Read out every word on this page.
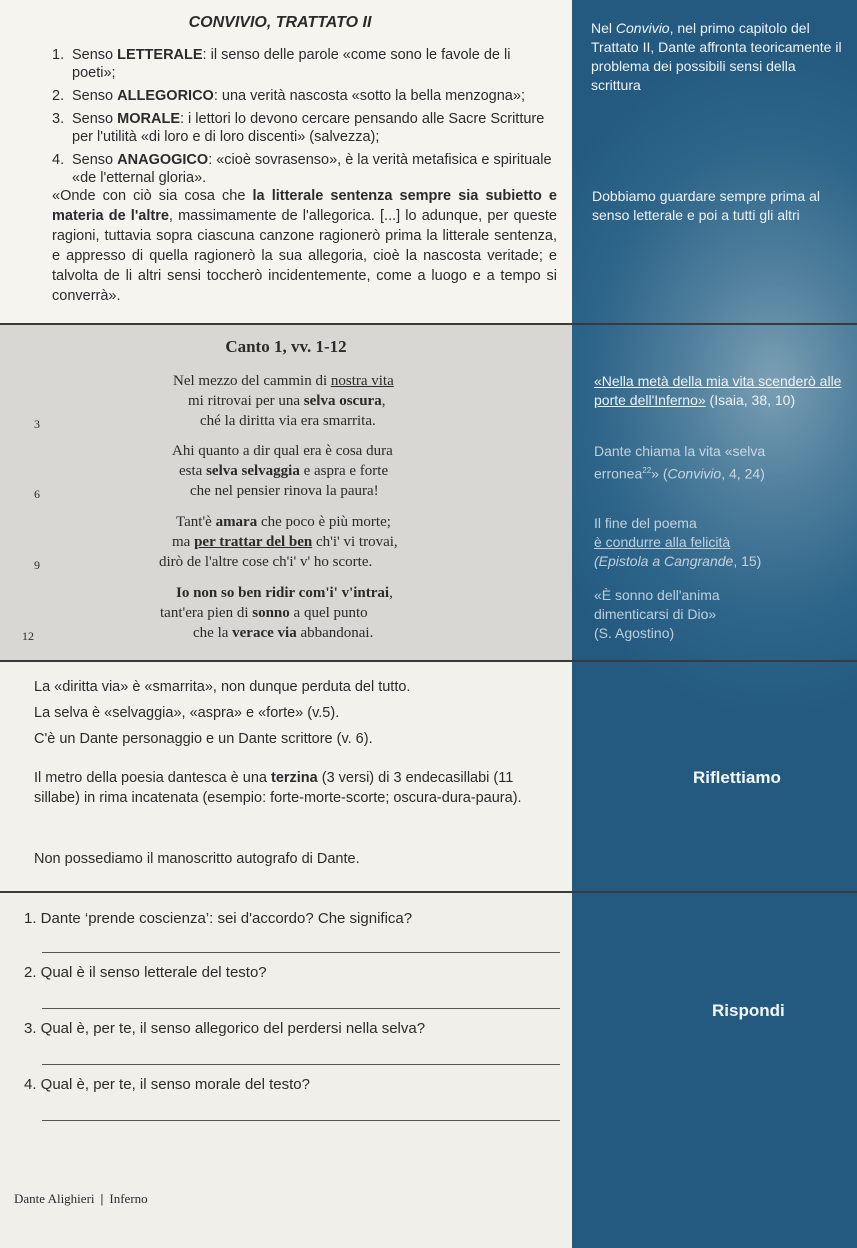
CONVIVIO, TRATTATO II
1. Senso LETTERALE: il senso delle parole «come sono le favole de li poeti»;
2. Senso ALLEGORICO: una verità nascosta «sotto la bella menzogna»;
3. Senso MORALE: i lettori lo devono cercare pensando alle Sacre Scritture per l'utilità «di loro e di loro discenti» (salvezza);
4. Senso ANAGOGICO: «cioè sovrasenso», è la verità metafisica e spirituale «de l'etternal gloria».
«Onde con ciò sia cosa che la litterale sentenza sempre sia subietto e materia de l'altre, massimamente de l'allegorica. [...] lo adunque, per queste ragioni, tuttavia sopra ciascuna canzone ragionerò prima la litterale sentenza, e appresso di quella ragionerò la sua allegoria, cioè la nascosta veritade; e talvolta de li altri sensi toccherò incidentemente, come a luogo e a tempo si converrà».
Canto 1, vv. 1-12
Nel mezzo del cammin di nostra vita
mi ritrovai per una selva oscura,
3	ché la diritta via era smarrita.
Ahi quanto a dir qual era è cosa dura
esta selva selvaggia e aspra e forte
6	che nel pensier rinova la paura!
Tant'è amara che poco è più morte;
ma per trattar del ben ch'i' vi trovai,
9	dirò de l'altre cose ch'i' v' ho scorte.
Io non so ben ridir com'i' v'intrai,
tant'era pien di sonno a quel punto
12	che la verace via abbandonai.
La «diritta via» è «smarrita», non dunque perduta del tutto.
La selva è «selvaggia», «aspra» e «forte» (v.5).
C'è un Dante personaggio e un Dante scrittore (v. 6).
Il metro della poesia dantesca è una terzina (3 versi) di 3 endecasillabi (11 sillabe) in rima incatenata (esempio: forte-morte-scorte; oscura-dura-paura).
Non possediamo il manoscritto autografo di Dante.
1. Dante ‘prende coscienza’: sei d'accordo? Che significa?
2. Qual è il senso letterale del testo?
3. Qual è, per te, il senso allegorico del perdersi nella selva?
4. Qual è, per te, il senso morale del testo?
Dante Alighieri | Inferno
Nel Convivio, nel primo capitolo del Trattato II, Dante affronta teoricamente il problema dei possibili sensi della scrittura
Dobbiamo guardare sempre prima al senso letterale e poi a tutti gli altri
«Nella metà della mia vita scenderò alle porte dell'Inferno» (Isaia, 38, 10)
Dante chiama la vita «selva erronea$^{22}$» (Convivio, 4, 24)
Il fine del poema
è condurre alla felicità
(Epistola a Cangrande, 15)
«È sonno dell'anima dimenticarsi di Dio»
(S. Agostino)
Riflettiamo
Rispondi
